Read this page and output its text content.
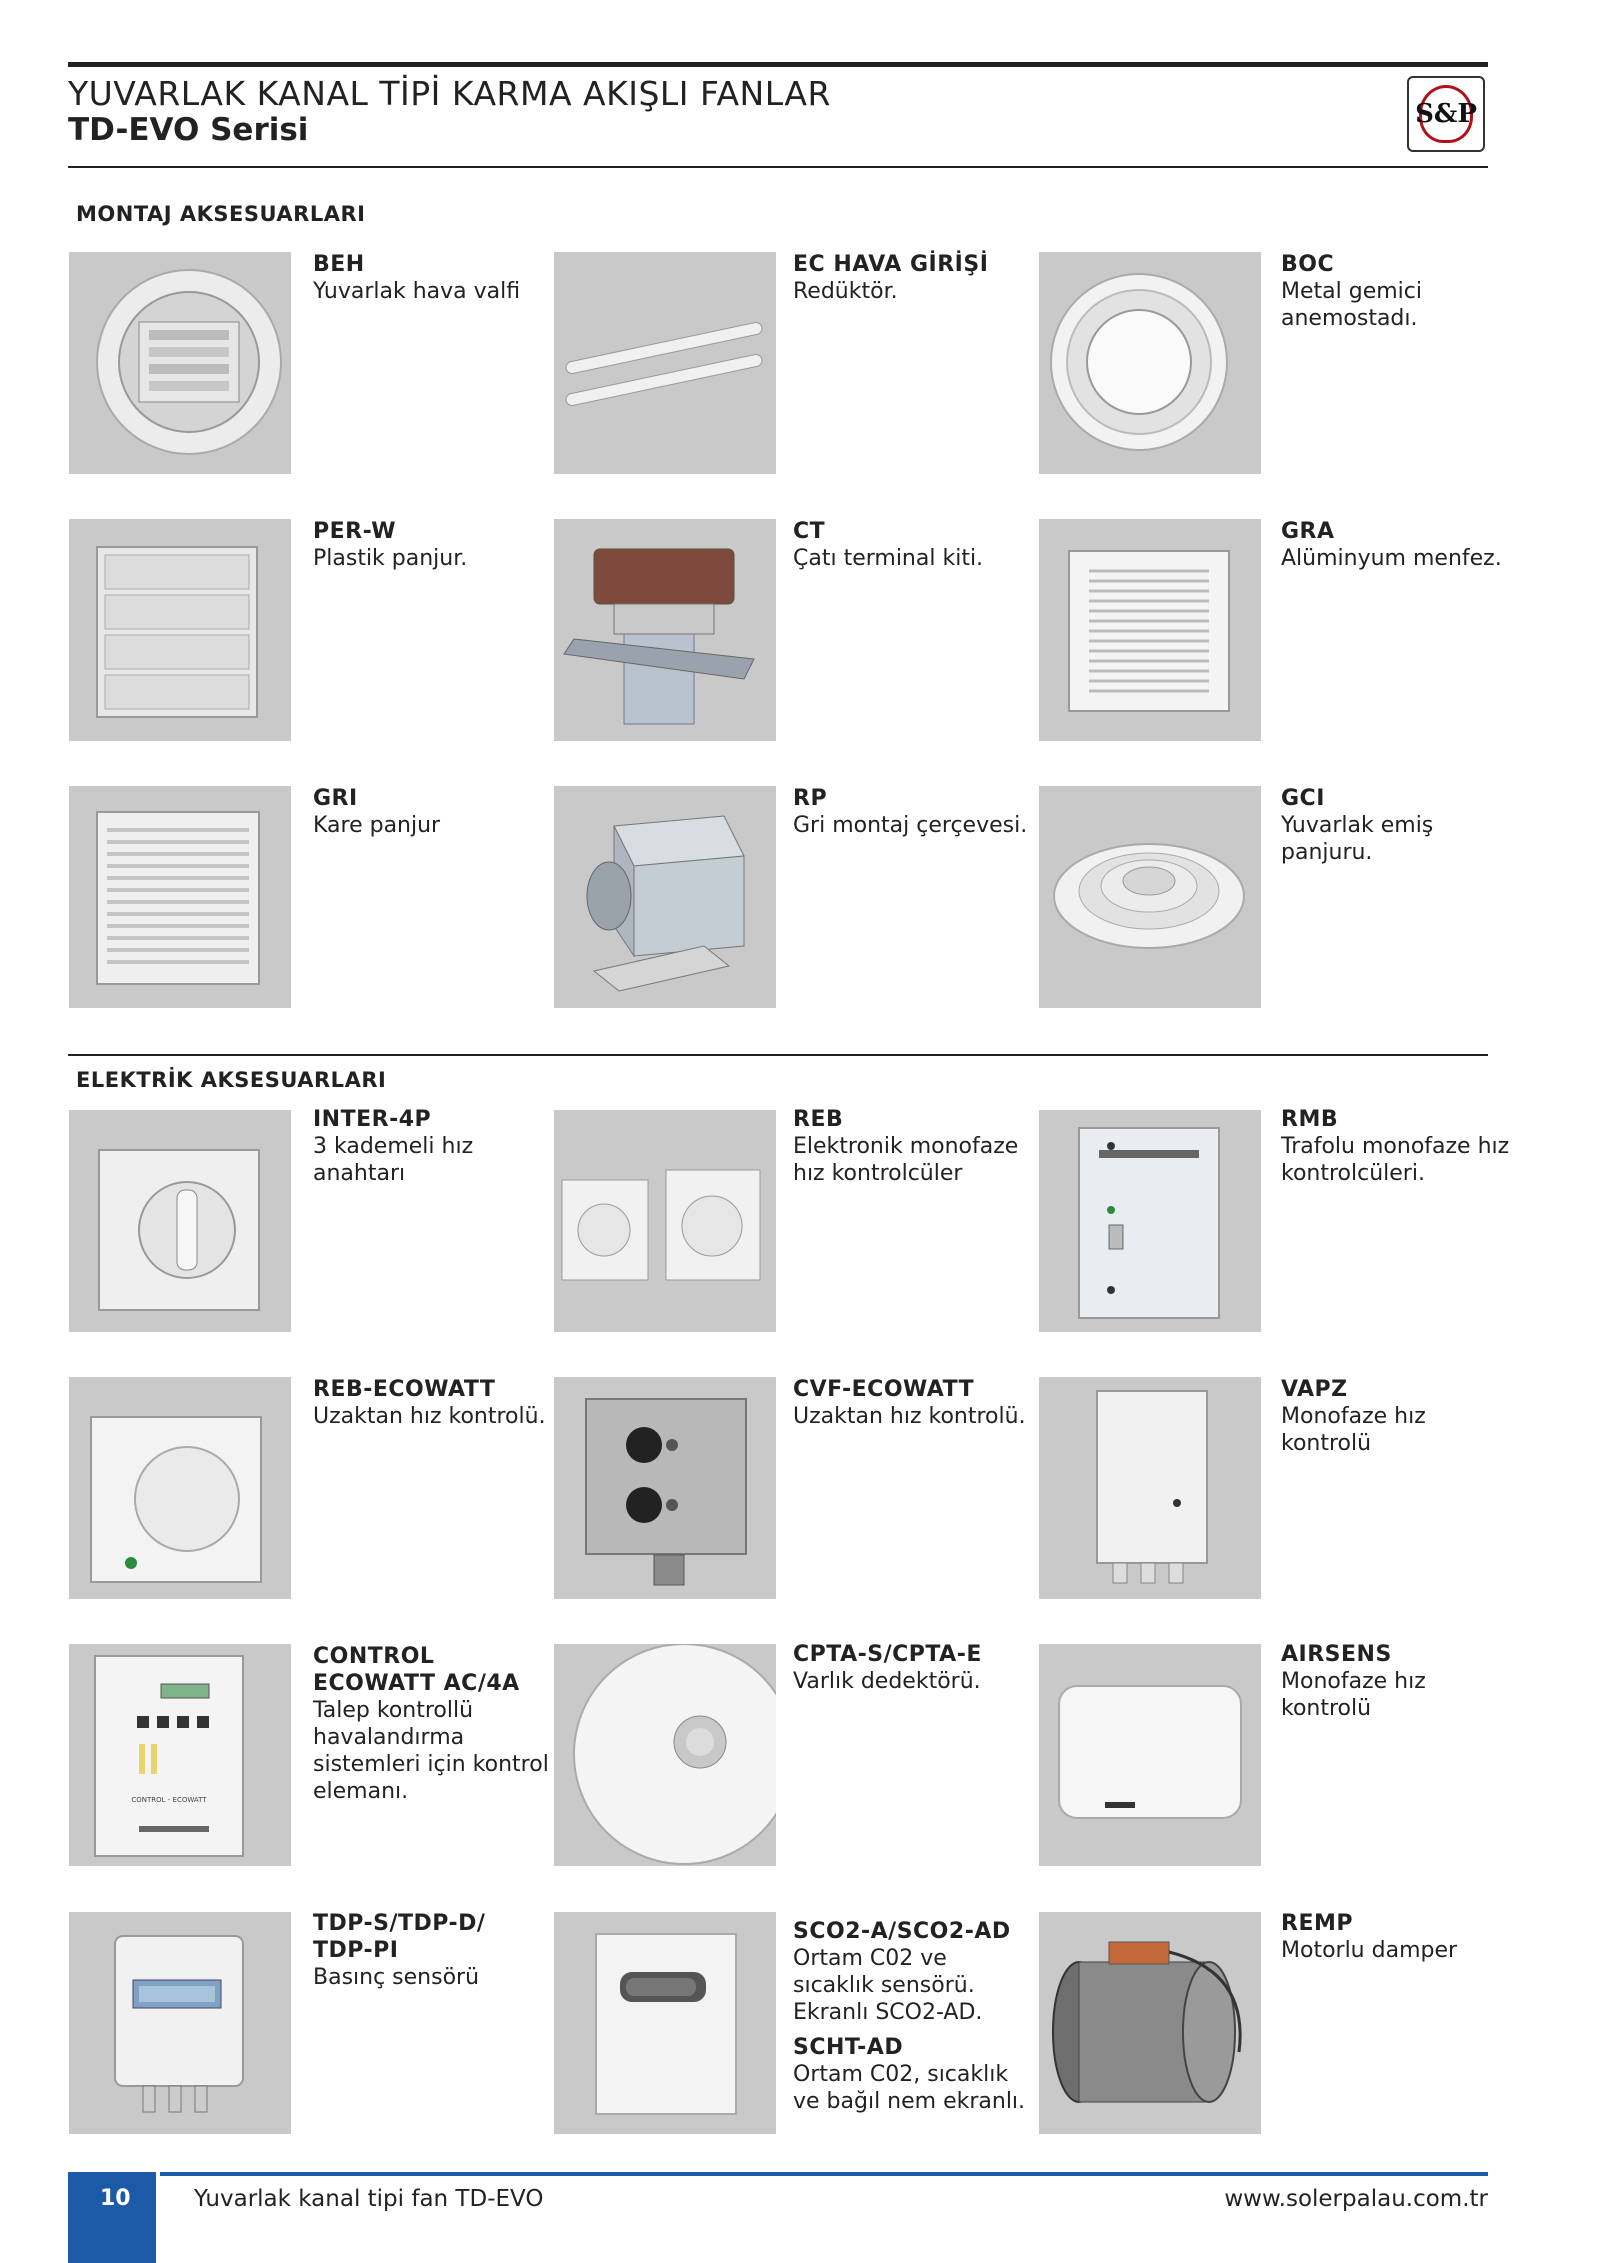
YUVARLAK KANAL TİPİ KARMA AKIŞLI FANLAR
TD-EVO Serisi	S&P
MONTAJ AKSESUARLARI
BEH
Yuvarlak hava valfi
EC HAVA GİRİŞİ
Redüktör.
BOC
Metal gemici anemostadı.
PER-W
Plastik panjur.
CT
Çatı terminal kiti.
GRA
Alüminyum menfez.
GRI
Kare panjur
RP
Gri montaj çerçevesi.
GCI
Yuvarlak emiş panjuru.
ELEKTRİK AKSESUARLARI
INTER-4P
3 kademeli hız anahtarı
REB
Elektronik monofaze hız kontrolcüler
RMB
Trafolu monofaze hız kontrolcüleri.
REB-ECOWATT
Uzaktan hız kontrolü.
CVF-ECOWATT
Uzaktan hız kontrolü.
VAPZ
Monofaze hız kontrolü
CONTROL - ECOWATT
CONTROL ECOWATT AC/4A
Talep kontrollü havalandırma sistemleri için kontrol elemanı.
CPTA-S/CPTA-E
Varlık dedektörü.
AIRSENS
Monofaze hız kontrolü
TDP-S/TDP-D/ TDP-PI
Basınç sensörü
SCO2-A/SCO2-AD
Ortam C02 ve sıcaklık sensörü. Ekranlı SCO2-AD.
SCHT-AD
Ortam C02, sıcaklık ve bağıl nem ekranlı.
REMP
Motorlu damper
10	Yuvarlak kanal tipi fan TD-EVO	www.solerpalau.com.tr
